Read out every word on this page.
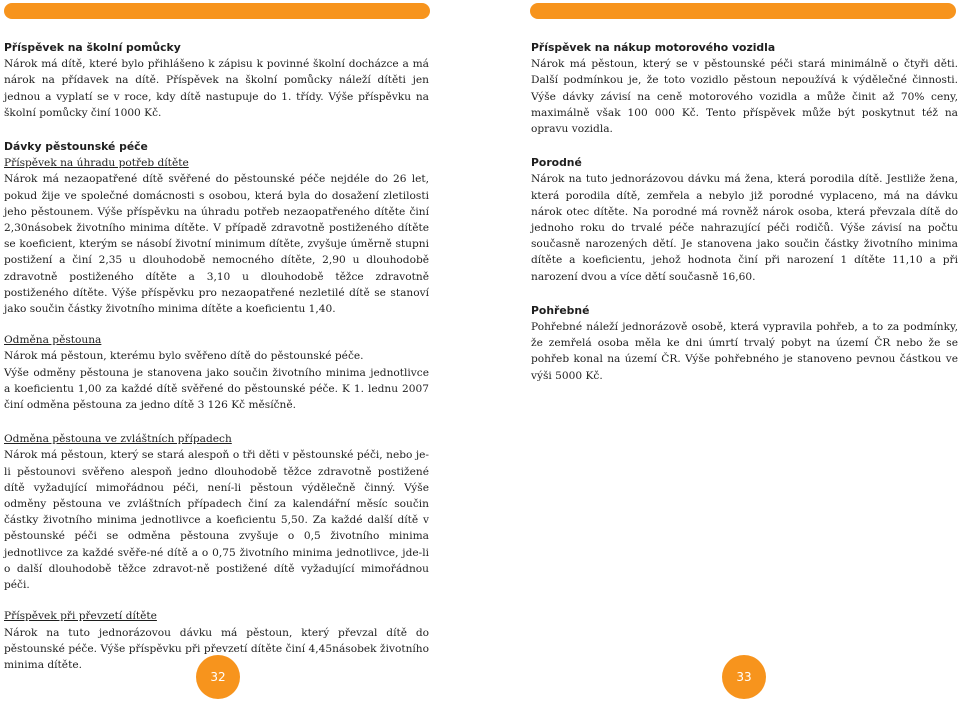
Příspěvek na školní pomůcky

Nárok má dítě, které bylo přihlášeno k zápisu k povinné školní docházce a má nárok na přídavek na dítě. Příspěvek na školní pomůcky náleží dítěti jen jednou a vyplatí se v roce, kdy dítě nastupuje do 1. třídy. Výše příspěvku na školní pomůcky činí 1000 Kč.

Dávky pěstounské péče

Příspěvek na úhradu potřeb dítěte

Nárok má nezaopatřené dítě svěřené do pěstounské péče nejdéle do 26 let, pokud žije ve společné domácnosti s osobou, která byla do dosažení zletilosti jeho pěstounem. Výše příspěvku na úhradu potřeb nezaopatřeného dítěte činí 2,30násobek životního minima dítěte. V případě zdravotně postiženého dítěte se koeficient, kterým se násobí životní minimum dítěte, zvyšuje úměrně stupni postižení a činí 2,35 u dlouhodobě nemocného dítěte, 2,90 u dlouhodobě zdravotně postiženého dítěte a 3,10 u dlouhodobě těžce zdravotně postiženého dítěte. Výše příspěvku pro nezaopatřené nezletilé dítě se stanoví jako součin částky životního minima dítěte a koeficientu 1,40.

Odměna pěstouna

Nárok má pěstoun, kterému bylo svěřeno dítě do pěstounské péče.
Výše odměny pěstouna je stanovena jako součin životního minima jednotlivce a koeficientu 1,00 za každé dítě svěřené do pěstounské péče. K 1. lednu 2007 činí odměna pěstouna za jedno dítě 3 126 Kč měsíčně.

Odměna pěstouna ve zvláštních případech

Nárok má pěstoun, který se stará alespoň o tři děti v pěstounské péči, nebo je-li pěstounovi svěřeno alespoň jedno dlouhodobě těžce zdravotně postižené dítě vyžadující mimořádnou péči, není-li pěstoun výdělečně činný. Výše odměny pěstouna ve zvláštních případech činí za kalendářní měsíc součin částky životního minima jednotlivce a koeficientu 5,50. Za každé další dítě v pěstounské péči se odměna pěstouna zvyšuje o 0,5 životního minima jednotlivce za každé svěře-né dítě a o 0,75 životního minima jednotlivce, jde-li o další dlouhodobě těžce zdravot-ně postižené dítě vyžadující mimořádnou péči.

Příspěvek při převzetí dítěte

Nárok na tuto jednorázovou dávku má pěstoun, který převzal dítě do pěstounské péče. Výše příspěvku při převzetí dítěte činí 4,45násobek životního minima dítěte.

Příspěvek na nákup motorového vozidla

Nárok má pěstoun, který se v pěstounské péči stará minimálně o čtyři děti. Další podmínkou je, že toto vozidlo pěstoun nepoužívá k výdělečné činnosti. Výše dávky závisí na ceně motorového vozidla a může činit až 70% ceny, maximálně však 100 000 Kč. Tento příspěvek může být poskytnut též na opravu vozidla.

Porodné

Nárok na tuto jednorázovou dávku má žena, která porodila dítě. Jestliže žena, která porodila dítě, zemřela a nebylo již porodné vyplaceno, má na dávku nárok otec dítěte. Na porodné má rovněž nárok osoba, která převzala dítě do jednoho roku do trvalé péče nahrazující péči rodičů. Výše závisí na počtu současně narozených dětí. Je stanovena jako součin částky životního minima dítěte a koeficientu, jehož hodnota činí při narození 1 dítěte 11,10 a při narození dvou a více dětí současně 16,60.

Pohřebné

Pohřebné náleží jednorázově osobě, která vypravila pohřeb, a to za podmínky, že zemřelá osoba měla ke dni úmrtí trvalý pobyt na území ČR nebo že se pohřeb konal na území ČR. Výše pohřebného je stanoveno pevnou částkou ve výši 5000 Kč.

32	33
